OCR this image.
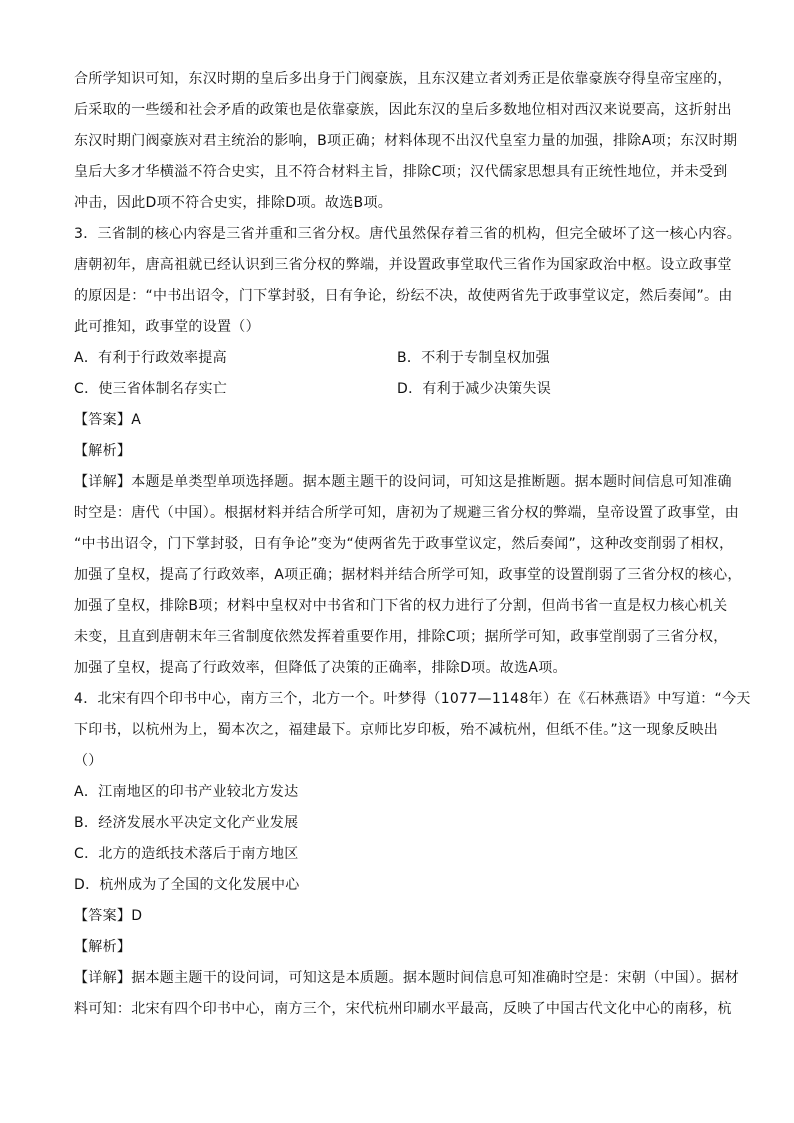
合所学知识可知，东汉时期的皇后多出身于门阀豪族，且东汉建立者刘秀正是依靠豪族夺得皇帝宝座的，
后采取的一些缓和社会矛盾的政策也是依靠豪族，因此东汉的皇后多数地位相对西汉来说要高，这折射出
东汉时期门阀豪族对君主统治的影响，B项正确；材料体现不出汉代皇室力量的加强，排除A项；东汉时期
皇后大多才华横溢不符合史实，且不符合材料主旨，排除C项；汉代儒家思想具有正统性地位，并未受到
冲击，因此D项不符合史实，排除D项。故选B项。
3．三省制的核心内容是三省并重和三省分权。唐代虽然保存着三省的机构，但完全破坏了这一核心内容。
唐朝初年，唐高祖就已经认识到三省分权的弊端，并设置政事堂取代三省作为国家政治中枢。设立政事堂
的原因是：“中书出诏令，门下掌封驳，日有争论，纷纭不决，故使两省先于政事堂议定，然后奏闻”。由
此可推知，政事堂的设置（）
A．有利于行政效率提高	B．不利于专制皇权加强
C．使三省体制名存实亡	D．有利于减少决策失误
【答案】A
【解析】
【详解】本题是单类型单项选择题。据本题主题干的设问词，可知这是推断题。据本题时间信息可知准确
时空是：唐代（中国）。根据材料并结合所学可知，唐初为了规避三省分权的弊端，皇帝设置了政事堂，由
“中书出诏令，门下掌封驳，日有争论”变为“使两省先于政事堂议定，然后奏闻”，这种改变削弱了相权，
加强了皇权，提高了行政效率，A项正确；据材料并结合所学可知，政事堂的设置削弱了三省分权的核心，
加强了皇权，排除B项；材料中皇权对中书省和门下省的权力进行了分割，但尚书省一直是权力核心机关
未变，且直到唐朝末年三省制度依然发挥着重要作用，排除C项；据所学可知，政事堂削弱了三省分权，
加强了皇权，提高了行政效率，但降低了决策的正确率，排除D项。故选A项。
4．北宋有四个印书中心，南方三个，北方一个。叶梦得（1077—1148年）在《石林燕语》中写道：“今天
下印书，以杭州为上，蜀本次之，福建最下。京师比岁印板，殆不减杭州，但纸不佳。”这一现象反映出
（）
A．江南地区的印书产业较北方发达
B．经济发展水平决定文化产业发展
C．北方的造纸技术落后于南方地区
D．杭州成为了全国的文化发展中心
【答案】D
【解析】
【详解】据本题主题干的设问词，可知这是本质题。据本题时间信息可知准确时空是：宋朝（中国）。据材
料可知：北宋有四个印书中心，南方三个，宋代杭州印刷水平最高，反映了中国古代文化中心的南移，杭
